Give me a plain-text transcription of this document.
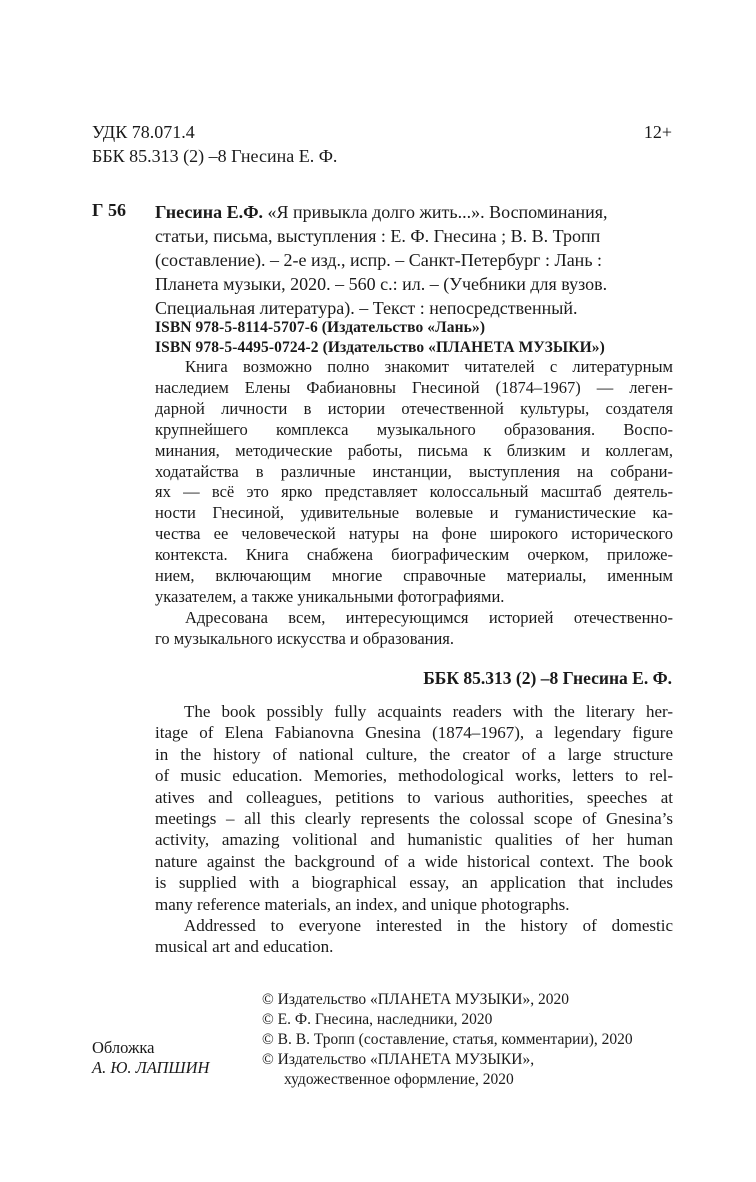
УДК 78.071.4	12+
ББК 85.313 (2) –8 Гнесина Е. Ф.
Г 56 Гнесина Е.Ф. «Я привыкла долго жить...». Воспоминания,
статьи, письма, выступления : Е. Ф. Гнесина ; В. В. Тропп
(составление). – 2-е изд., испр. – Санкт-Петербург : Лань :
Планета музыки, 2020. – 560 с.: ил. – (Учебники для вузов.
Специальная литература). – Текст : непосредственный.
ISBN 978-5-8114-5707-6 (Издательство «Лань»)
ISBN 978-5-4495-0724-2 (Издательство «ПЛАНЕТА МУЗЫКИ»)
Книга возможно полно знакомит читателей с литературным
наследием Елены Фабиановны Гнесиной (1874–1967) — леген-
дарной личности в истории отечественной культуры, создателя
крупнейшего комплекса музыкального образования. Воспо-
минания, методические работы, письма к близким и коллегам,
ходатайства в различные инстанции, выступления на собрани-
ях — всё это ярко представляет колоссальный масштаб деятель-
ности Гнесиной, удивительные волевые и гуманистические ка-
чества ее человеческой натуры на фоне широкого исторического
контекста. Книга снабжена биографическим очерком, приложе-
нием, включающим многие справочные материалы, именным
указателем, а также уникальными фотографиями.
Адресована всем, интересующимся историей отечественно-
го музыкального искусства и образования.
ББК 85.313 (2) –8 Гнесина Е. Ф.
The book possibly fully acquaints readers with the literary her-
itage of Elena Fabianovna Gnesina (1874–1967), a legendary figure
in the history of national culture, the creator of a large structure
of music education. Memories, methodological works, letters to rel-
atives and colleagues, petitions to various authorities, speeches at
meetings – all this clearly represents the colossal scope of Gnesina’s
activity, amazing volitional and humanistic qualities of her human
nature against the background of a wide historical context. The book
is supplied with a biographical essay, an application that includes
many reference materials, an index, and unique photographs.
Addressed to everyone interested in the history of domestic
musical art and education.
© Издательство «ПЛАНЕТА МУЗЫКИ», 2020
© Е. Ф. Гнесина, наследники, 2020
© В. В. Тропп (составление, статья, комментарии), 2020
© Издательство «ПЛАНЕТА МУЗЫКИ»,
художественное оформление, 2020
Обложка
А. Ю. ЛАПШИН
